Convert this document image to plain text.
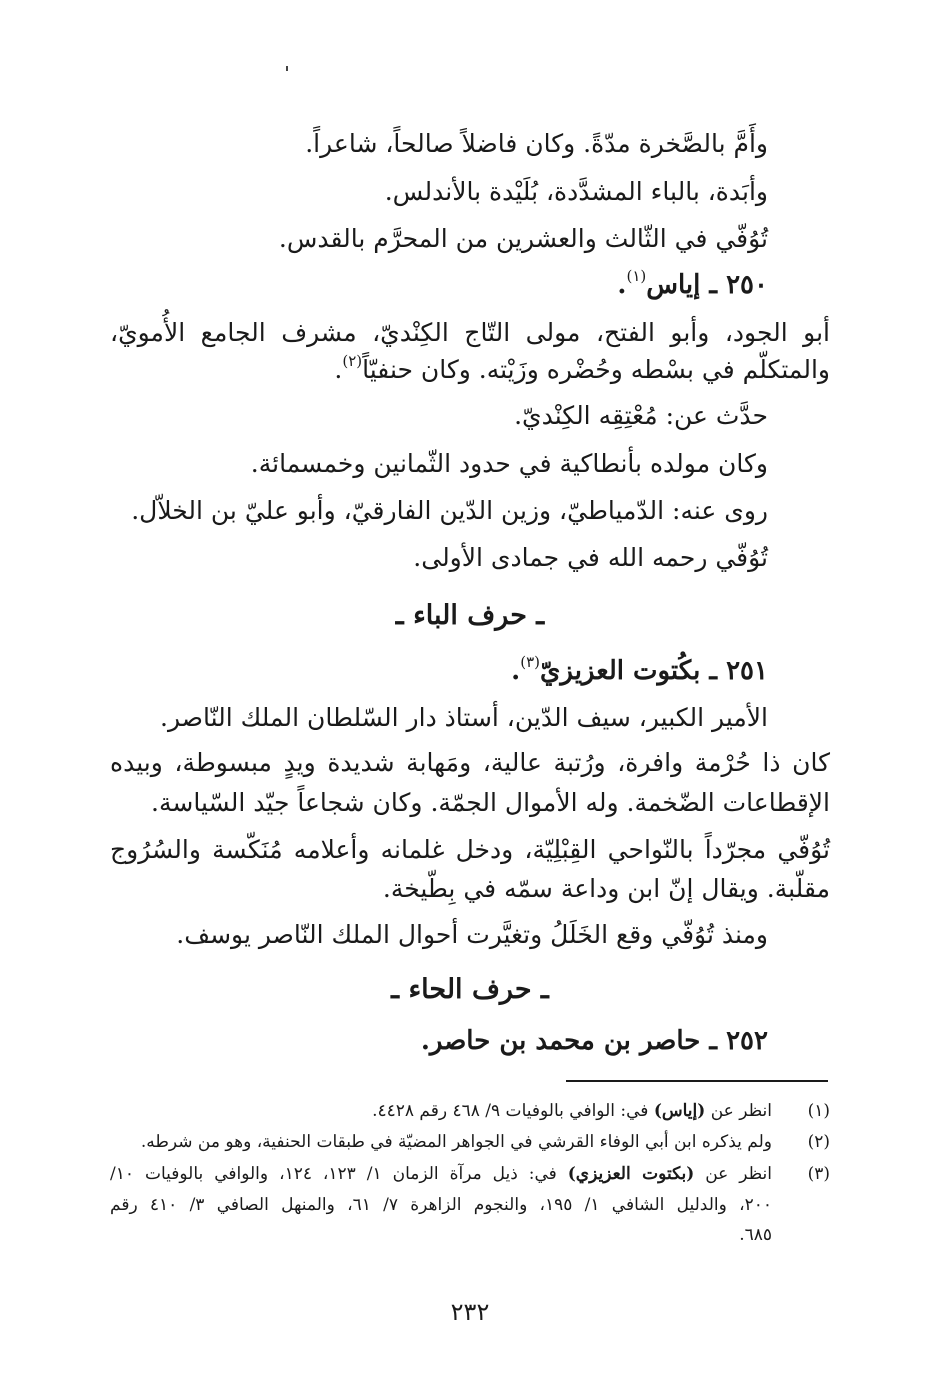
وأَمَّ بالصَّخرة مدّةً. وكان فاضلاً صالحاً، شاعراً.
وأبَدة، بالباء المشدَّدة، بُلَيْدة بالأندلس.
تُوُفّي في الثّالث والعشرين من المحرَّم بالقدس.
٢٥٠ ـ إياس$^{(١)}$.
أبو الجود، وأبو الفتح، مولى التّاج الكِنْديّ، مشرف الجامع الأُمويّ،
والمتكلّم في بسْطه وحُضْره وزَيْته. وكان حنفيّاً$^{(٢)}$.
حدَّث عن: مُعْتِقِه الكِنْديّ.
وكان مولده بأنطاكية في حدود الثّمانين وخمسمائة.
روى عنه: الدّمياطيّ، وزين الدّين الفارقيّ، وأبو عليّ بن الخلاّل.
تُوُفّي رحمه الله في جمادى الأولى.
ـ حرف الباء ـ
٢٥١ ـ بكُتوت العزيزيّ$^{(٣)}$.
الأمير الكبير، سيف الدّين، أستاذ دار السّلطان الملك النّاصر.
كان ذا حُرْمة وافرة، ورُتبة عالية، ومَهابة شديدة ويدٍ مبسوطة، وبيده
الإقطاعات الضّخمة. وله الأموال الجمّة. وكان شجاعاً جيّد السّياسة.
تُوُفّي مجرّداً بالنّواحي القِبْلِيّة، ودخل غلمانه وأعلامه مُنَكّسة والسُرُوج
مقلّبة. ويقال إنّ ابن وداعة سمّه في بِطّيخة.
ومنذ تُوُفّي وقع الخَلَلُ وتغيَّرت أحوال الملك النّاصر يوسف.
ـ حرف الحاء ـ
٢٥٢ ـ حاصر بن محمد بن حاصر.
(١)
انظر عن (إياس) في: الوافي بالوفيات ٩/ ٤٦٨ رقم ٤٤٢٨.
(٢)
ولم يذكره ابن أبي الوفاء القرشي في الجواهر المضيّة في طبقات الحنفية، وهو من شرطه.
(٣)
انظر عن (بكتوت العزيزي) في: ذيل مرآة الزمان ١/ ١٢٣، ١٢٤، والوافي بالوفيات ١٠/
٢٠٠، والدليل الشافي ١/ ١٩٥، والنجوم الزاهرة ٧/ ٦١، والمنهل الصافي ٣/ ٤١٠ رقم
٦٨٥.
٢٣٢
